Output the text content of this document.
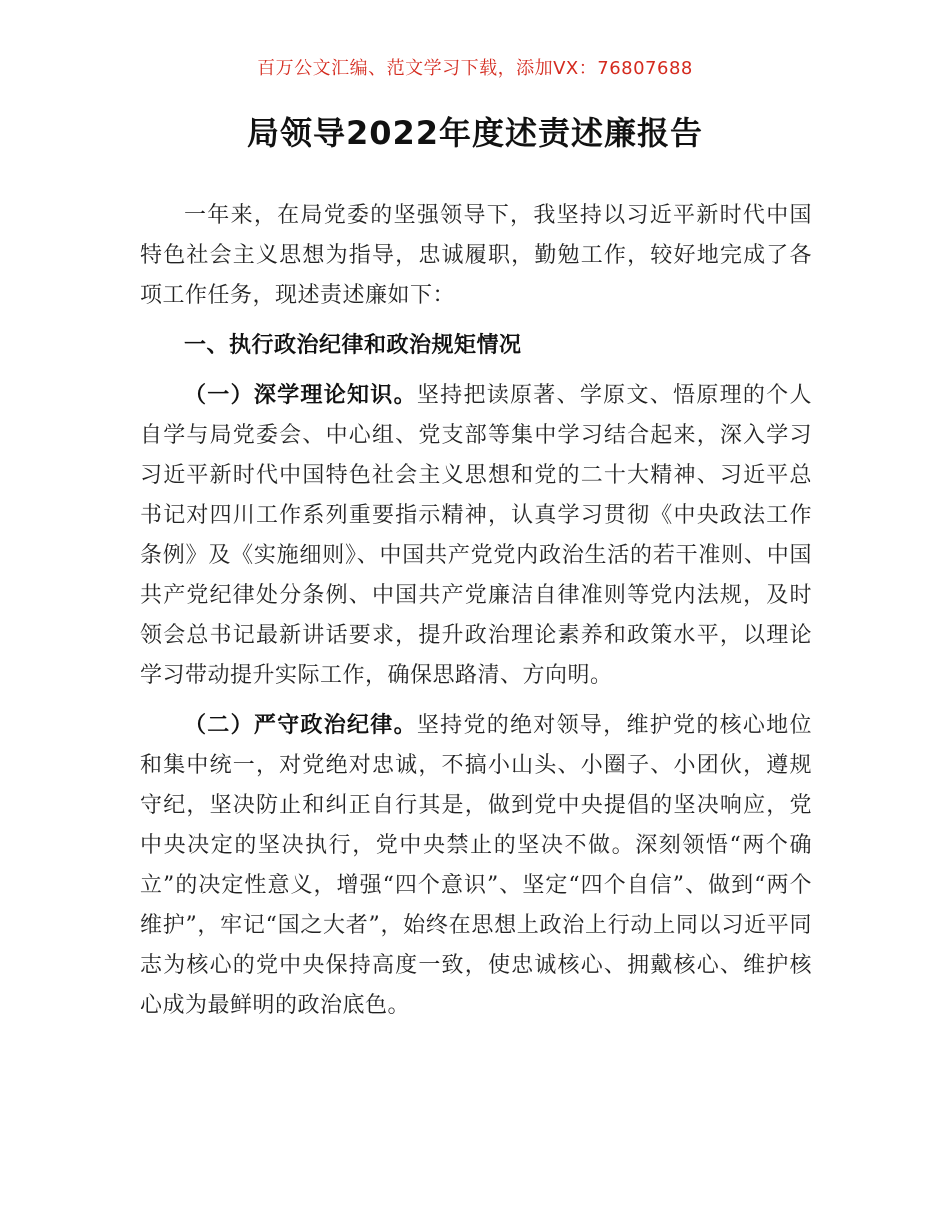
百万公文汇编、范文学习下载，添加VX：76807688
局领导2022年度述责述廉报告

一年来，在局党委的坚强领导下，我坚持以习近平新时代中国特色社会主义思想为指导，忠诚履职，勤勉工作，较好地完成了各项工作任务，现述责述廉如下：

一、执行政治纪律和政治规矩情况

（一）深学理论知识。坚持把读原著、学原文、悟原理的个人自学与局党委会、中心组、党支部等集中学习结合起来，深入学习习近平新时代中国特色社会主义思想和党的二十大精神、习近平总书记对四川工作系列重要指示精神，认真学习贯彻《中央政法工作条例》及《实施细则》、中国共产党党内政治生活的若干准则、中国共产党纪律处分条例、中国共产党廉洁自律准则等党内法规，及时领会总书记最新讲话要求，提升政治理论素养和政策水平，以理论学习带动提升实际工作，确保思路清、方向明。

（二）严守政治纪律。坚持党的绝对领导，维护党的核心地位和集中统一，对党绝对忠诚，不搞小山头、小圈子、小团伙，遵规守纪，坚决防止和纠正自行其是，做到党中央提倡的坚决响应，党中央决定的坚决执行，党中央禁止的坚决不做。深刻领悟“两个确立”的决定性意义，增强“四个意识”、坚定“四个自信”、做到“两个维护”，牢记“国之大者”，始终在思想上政治上行动上同以习近平同志为核心的党中央保持高度一致，使忠诚核心、拥戴核心、维护核心成为最鲜明的政治底色。
